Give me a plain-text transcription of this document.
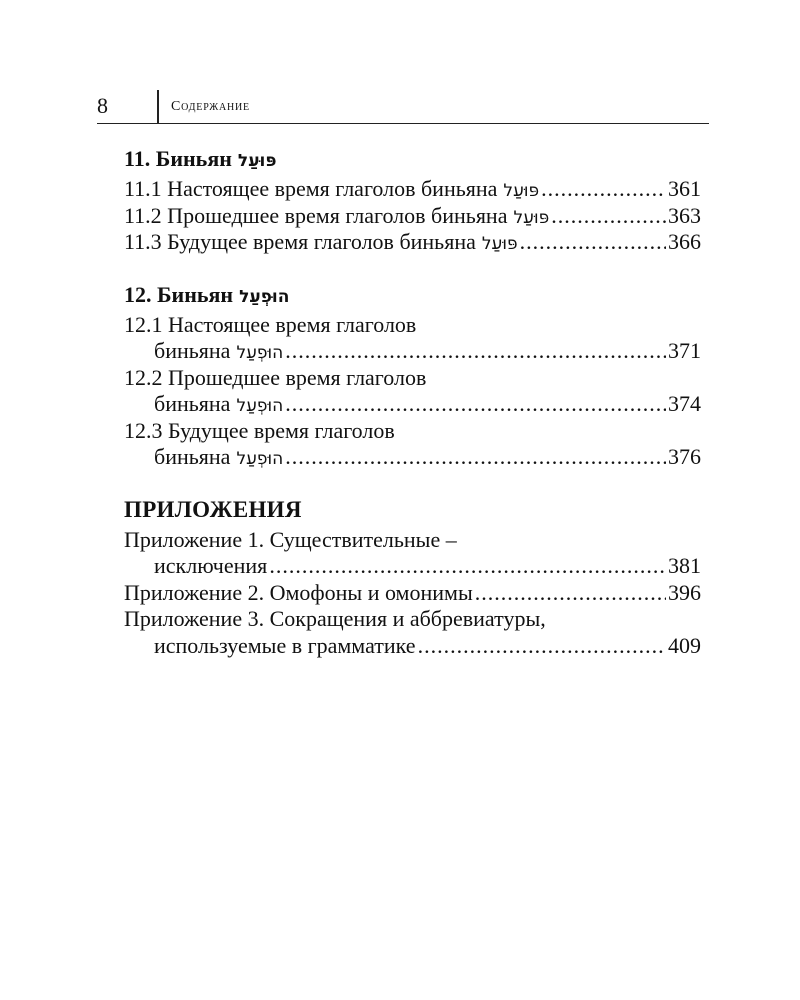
8	Содержание
11. Биньян פּוּעַל
11.1 Настоящее время глаголов биньяна פּוּעַל .....	361
11.2 Прошедшее время глаголов биньяна פּוּעַל .....	363
11.3 Будущее время глаголов биньяна פּוּעַל .....	366
12. Биньян הוּפְעַל
12.1 Настоящее время глаголов
биньяна הוּפְעַל .....	371
12.2 Прошедшее время глаголов
биньяна הוּפְעַל .....	374
12.3 Будущее время глаголов
биньяна הוּפְעַל .....	376
ПРИЛОЖЕНИЯ
Приложение 1. Существительные –
исключения .....	381
Приложение 2. Омофоны и омонимы .....	396
Приложение 3. Сокращения и аббревиатуры,
используемые в грамматике .....	409
